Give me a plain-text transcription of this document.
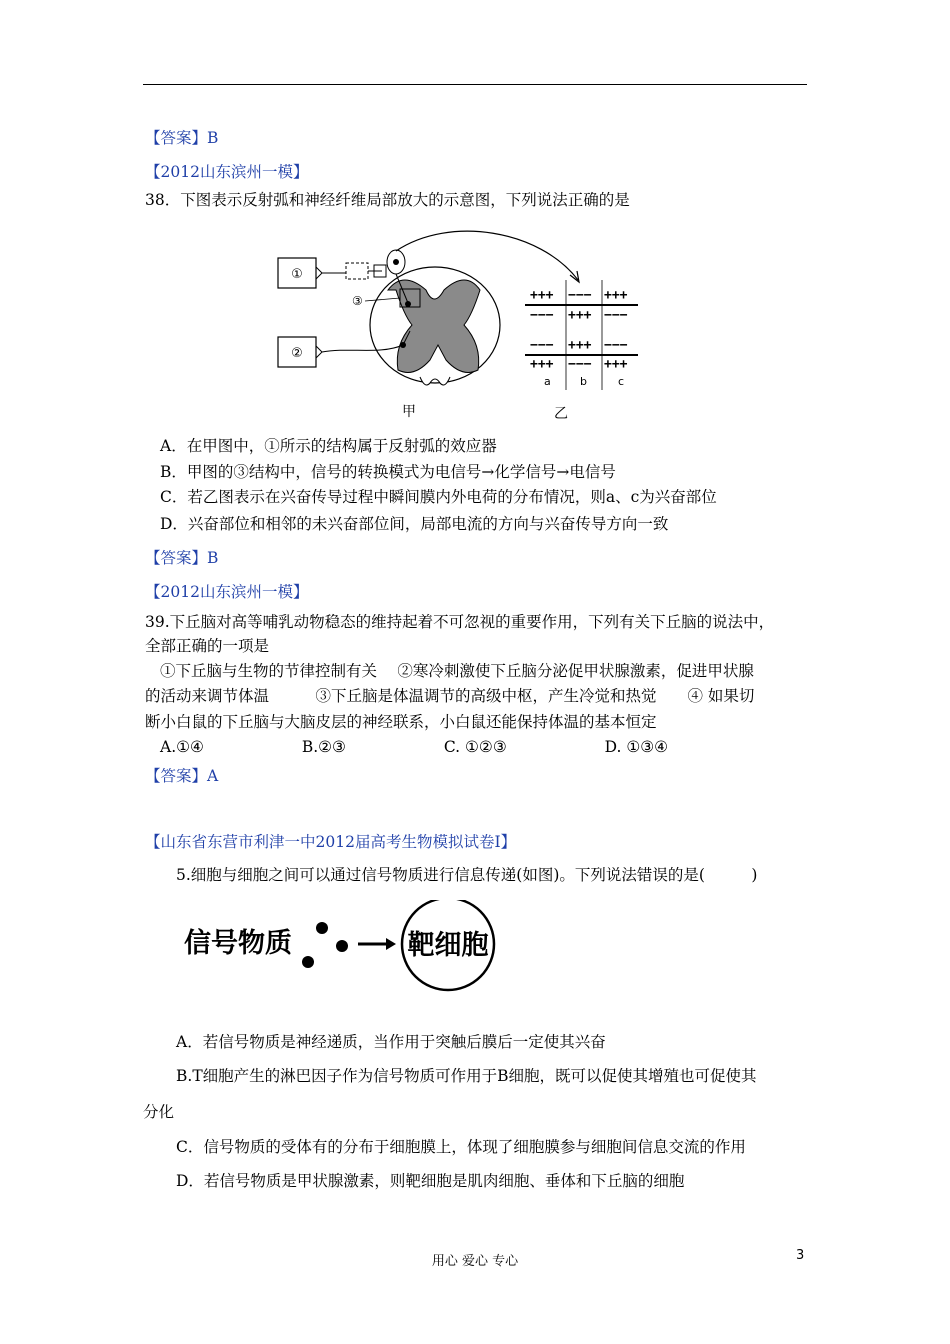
【答案】B
【2012山东滨州一模】
38．下图表示反射弧和神经纤维局部放大的示意图，下列说法正确的是
A．在甲图中，①所示的结构属于反射弧的效应器
B．甲图的③结构中，信号的转换模式为电信号→化学信号→电信号
C．若乙图表示在兴奋传导过程中瞬间膜内外电荷的分布情况，则a、c为兴奋部位
D．兴奋部位和相邻的未兴奋部位间，局部电流的方向与兴奋传导方向一致
【答案】B
【2012山东滨州一模】
39.下丘脑对高等哺乳动物稳态的维持起着不可忽视的重要作用，下列有关下丘脑的说法中，
全部正确的一项是
①下丘脑与生物的节律控制有关　 ②寒冷刺激使下丘脑分泌促甲状腺激素，促进甲状腺
的活动来调节体温　　　③下丘脑是体温调节的高级中枢，产生冷觉和热觉　　④ 如果切
断小白鼠的下丘脑与大脑皮层的神经联系，小白鼠还能保持体温的基本恒定
A.①④　　　　　　 B.②③　　　　　　 C. ①②③　　　　　　 D. ①③④
【答案】A
【山东省东营市利津一中2012届高考生物模拟试卷Ⅰ】
5.细胞与细胞之间可以通过信号物质进行信息传递(如图)。下列说法错误的是(　　　)
A．若信号物质是神经递质，当作用于突触后膜后一定使其兴奋
B.T细胞产生的淋巴因子作为信号物质可作用于B细胞，既可以促使其增殖也可促使其
分化
C．信号物质的受体有的分布于细胞膜上，体现了细胞膜参与细胞间信息交流的作用
D．若信号物质是甲状腺激素，则靶细胞是肌肉细胞、垂体和下丘脑的细胞
①
③
②
+++ −−− +++
−−− +++ −−−
−−− +++ −−−
+++ −−− +++
a	b	c
甲	乙
信号物质	→ 靶细胞
用心 爱心 专心	3
